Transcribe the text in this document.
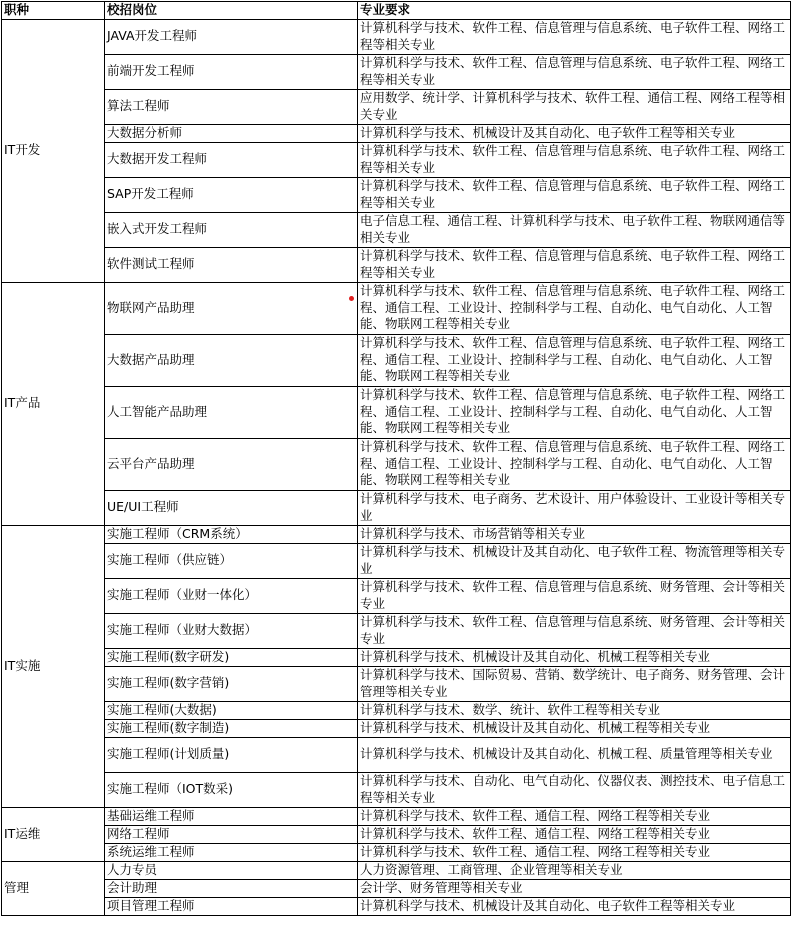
职种	校招岗位	专业要求
IT开发	JAVA开发工程师	计算机科学与技术、软件工程、信息管理与信息系统、电子软件工程、网络工程等相关专业
	前端开发工程师	计算机科学与技术、软件工程、信息管理与信息系统、电子软件工程、网络工程等相关专业
	算法工程师	应用数学、统计学、计算机科学与技术、软件工程、通信工程、网络工程等相关专业
	大数据分析师	计算机科学与技术、机械设计及其自动化、电子软件工程等相关专业
	大数据开发工程师	计算机科学与技术、软件工程、信息管理与信息系统、电子软件工程、网络工程等相关专业
	SAP开发工程师	计算机科学与技术、软件工程、信息管理与信息系统、电子软件工程、网络工程等相关专业
	嵌入式开发工程师	电子信息工程、通信工程、计算机科学与技术、电子软件工程、物联网通信等相关专业
	软件测试工程师	计算机科学与技术、软件工程、信息管理与信息系统、电子软件工程、网络工程等相关专业
IT产品	物联网产品助理	计算机科学与技术、软件工程、信息管理与信息系统、电子软件工程、网络工程、通信工程、工业设计、控制科学与工程、自动化、电气自动化、人工智能、物联网工程等相关专业
	大数据产品助理	计算机科学与技术、软件工程、信息管理与信息系统、电子软件工程、网络工程、通信工程、工业设计、控制科学与工程、自动化、电气自动化、人工智能、物联网工程等相关专业
	人工智能产品助理	计算机科学与技术、软件工程、信息管理与信息系统、电子软件工程、网络工程、通信工程、工业设计、控制科学与工程、自动化、电气自动化、人工智能、物联网工程等相关专业
	云平台产品助理	计算机科学与技术、软件工程、信息管理与信息系统、电子软件工程、网络工程、通信工程、工业设计、控制科学与工程、自动化、电气自动化、人工智能、物联网工程等相关专业
	UE/UI工程师	计算机科学与技术、电子商务、艺术设计、用户体验设计、工业设计等相关专业
IT实施	实施工程师（CRM系统）	计算机科学与技术、市场营销等相关专业
	实施工程师（供应链）	计算机科学与技术、机械设计及其自动化、电子软件工程、物流管理等相关专业
	实施工程师（业财一体化）	计算机科学与技术、软件工程、信息管理与信息系统、财务管理、会计等相关专业
	实施工程师（业财大数据）	计算机科学与技术、软件工程、信息管理与信息系统、财务管理、会计等相关专业
	实施工程师(数字研发)	计算机科学与技术、机械设计及其自动化、机械工程等相关专业
	实施工程师(数字营销)	计算机科学与技术、国际贸易、营销、数学统计、电子商务、财务管理、会计管理等相关专业
	实施工程师(大数据)	计算机科学与技术、数学、统计、软件工程等相关专业
	实施工程师(数字制造)	计算机科学与技术、机械设计及其自动化、机械工程等相关专业
	实施工程师(计划质量)	计算机科学与技术、机械设计及其自动化、机械工程、质量管理等相关专业
	实施工程师（IOT数采)	计算机科学与技术、自动化、电气自动化、仪器仪表、测控技术、电子信息工程等相关专业
IT运维	基础运维工程师	计算机科学与技术、软件工程、通信工程、网络工程等相关专业
	网络工程师	计算机科学与技术、软件工程、通信工程、网络工程等相关专业
	系统运维工程师	计算机科学与技术、软件工程、通信工程、网络工程等相关专业
管理	人力专员	人力资源管理、工商管理、企业管理等相关专业
	会计助理	会计学、财务管理等相关专业
	项目管理工程师	计算机科学与技术、机械设计及其自动化、电子软件工程等相关专业
